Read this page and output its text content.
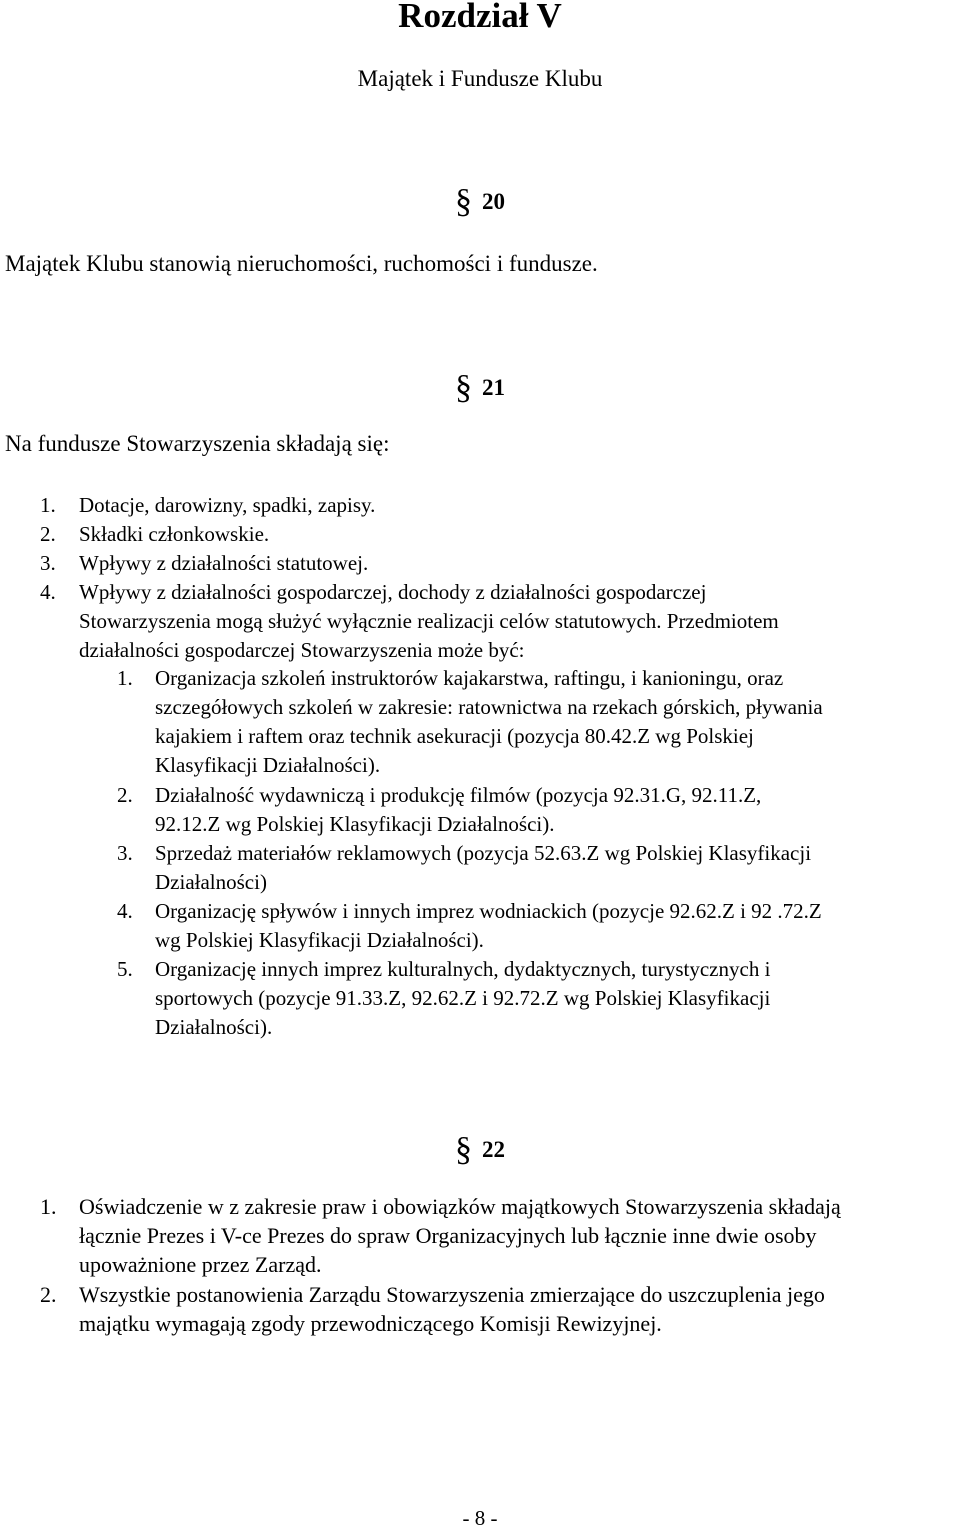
Rozdział V
Majątek i Fundusze Klubu
§ 20
Majątek Klubu stanowią nieruchomości, ruchomości i fundusze.
§ 21
Na fundusze Stowarzyszenia składają się:
1. Dotacje, darowizny, spadki, zapisy.
2. Składki członkowskie.
3. Wpływy z działalności statutowej.
4. Wpływy z działalności gospodarczej, dochody z działalności gospodarczej
Stowarzyszenia mogą służyć wyłącznie realizacji celów statutowych. Przedmiotem
działalności gospodarczej Stowarzyszenia może być:
1. Organizacja szkoleń instruktorów kajakarstwa, raftingu, i kanioningu, oraz
szczegółowych szkoleń w zakresie: ratownictwa na rzekach górskich, pływania
kajakiem i raftem oraz technik asekuracji (pozycja 80.42.Z wg Polskiej
Klasyfikacji Działalności).
2. Działalność wydawniczą i produkcję filmów (pozycja 92.31.G, 92.11.Z,
92.12.Z wg Polskiej Klasyfikacji Działalności).
3. Sprzedaż materiałów reklamowych (pozycja 52.63.Z wg Polskiej Klasyfikacji
Działalności)
4. Organizację spływów i innych imprez wodniackich (pozycje 92.62.Z i 92 .72.Z
wg Polskiej Klasyfikacji Działalności).
5. Organizację innych imprez kulturalnych, dydaktycznych, turystycznych i
sportowych (pozycje 91.33.Z, 92.62.Z i 92.72.Z wg Polskiej Klasyfikacji
Działalności).
§ 22
1. Oświadczenie w z zakresie praw i obowiązków majątkowych Stowarzyszenia składają
łącznie Prezes i V-ce Prezes do spraw Organizacyjnych lub łącznie inne dwie osoby
upoważnione przez Zarząd.
2. Wszystkie postanowienia Zarządu Stowarzyszenia zmierzające do uszczuplenia jego
majątku wymagają zgody przewodniczącego Komisji Rewizyjnej.
- 8 -
